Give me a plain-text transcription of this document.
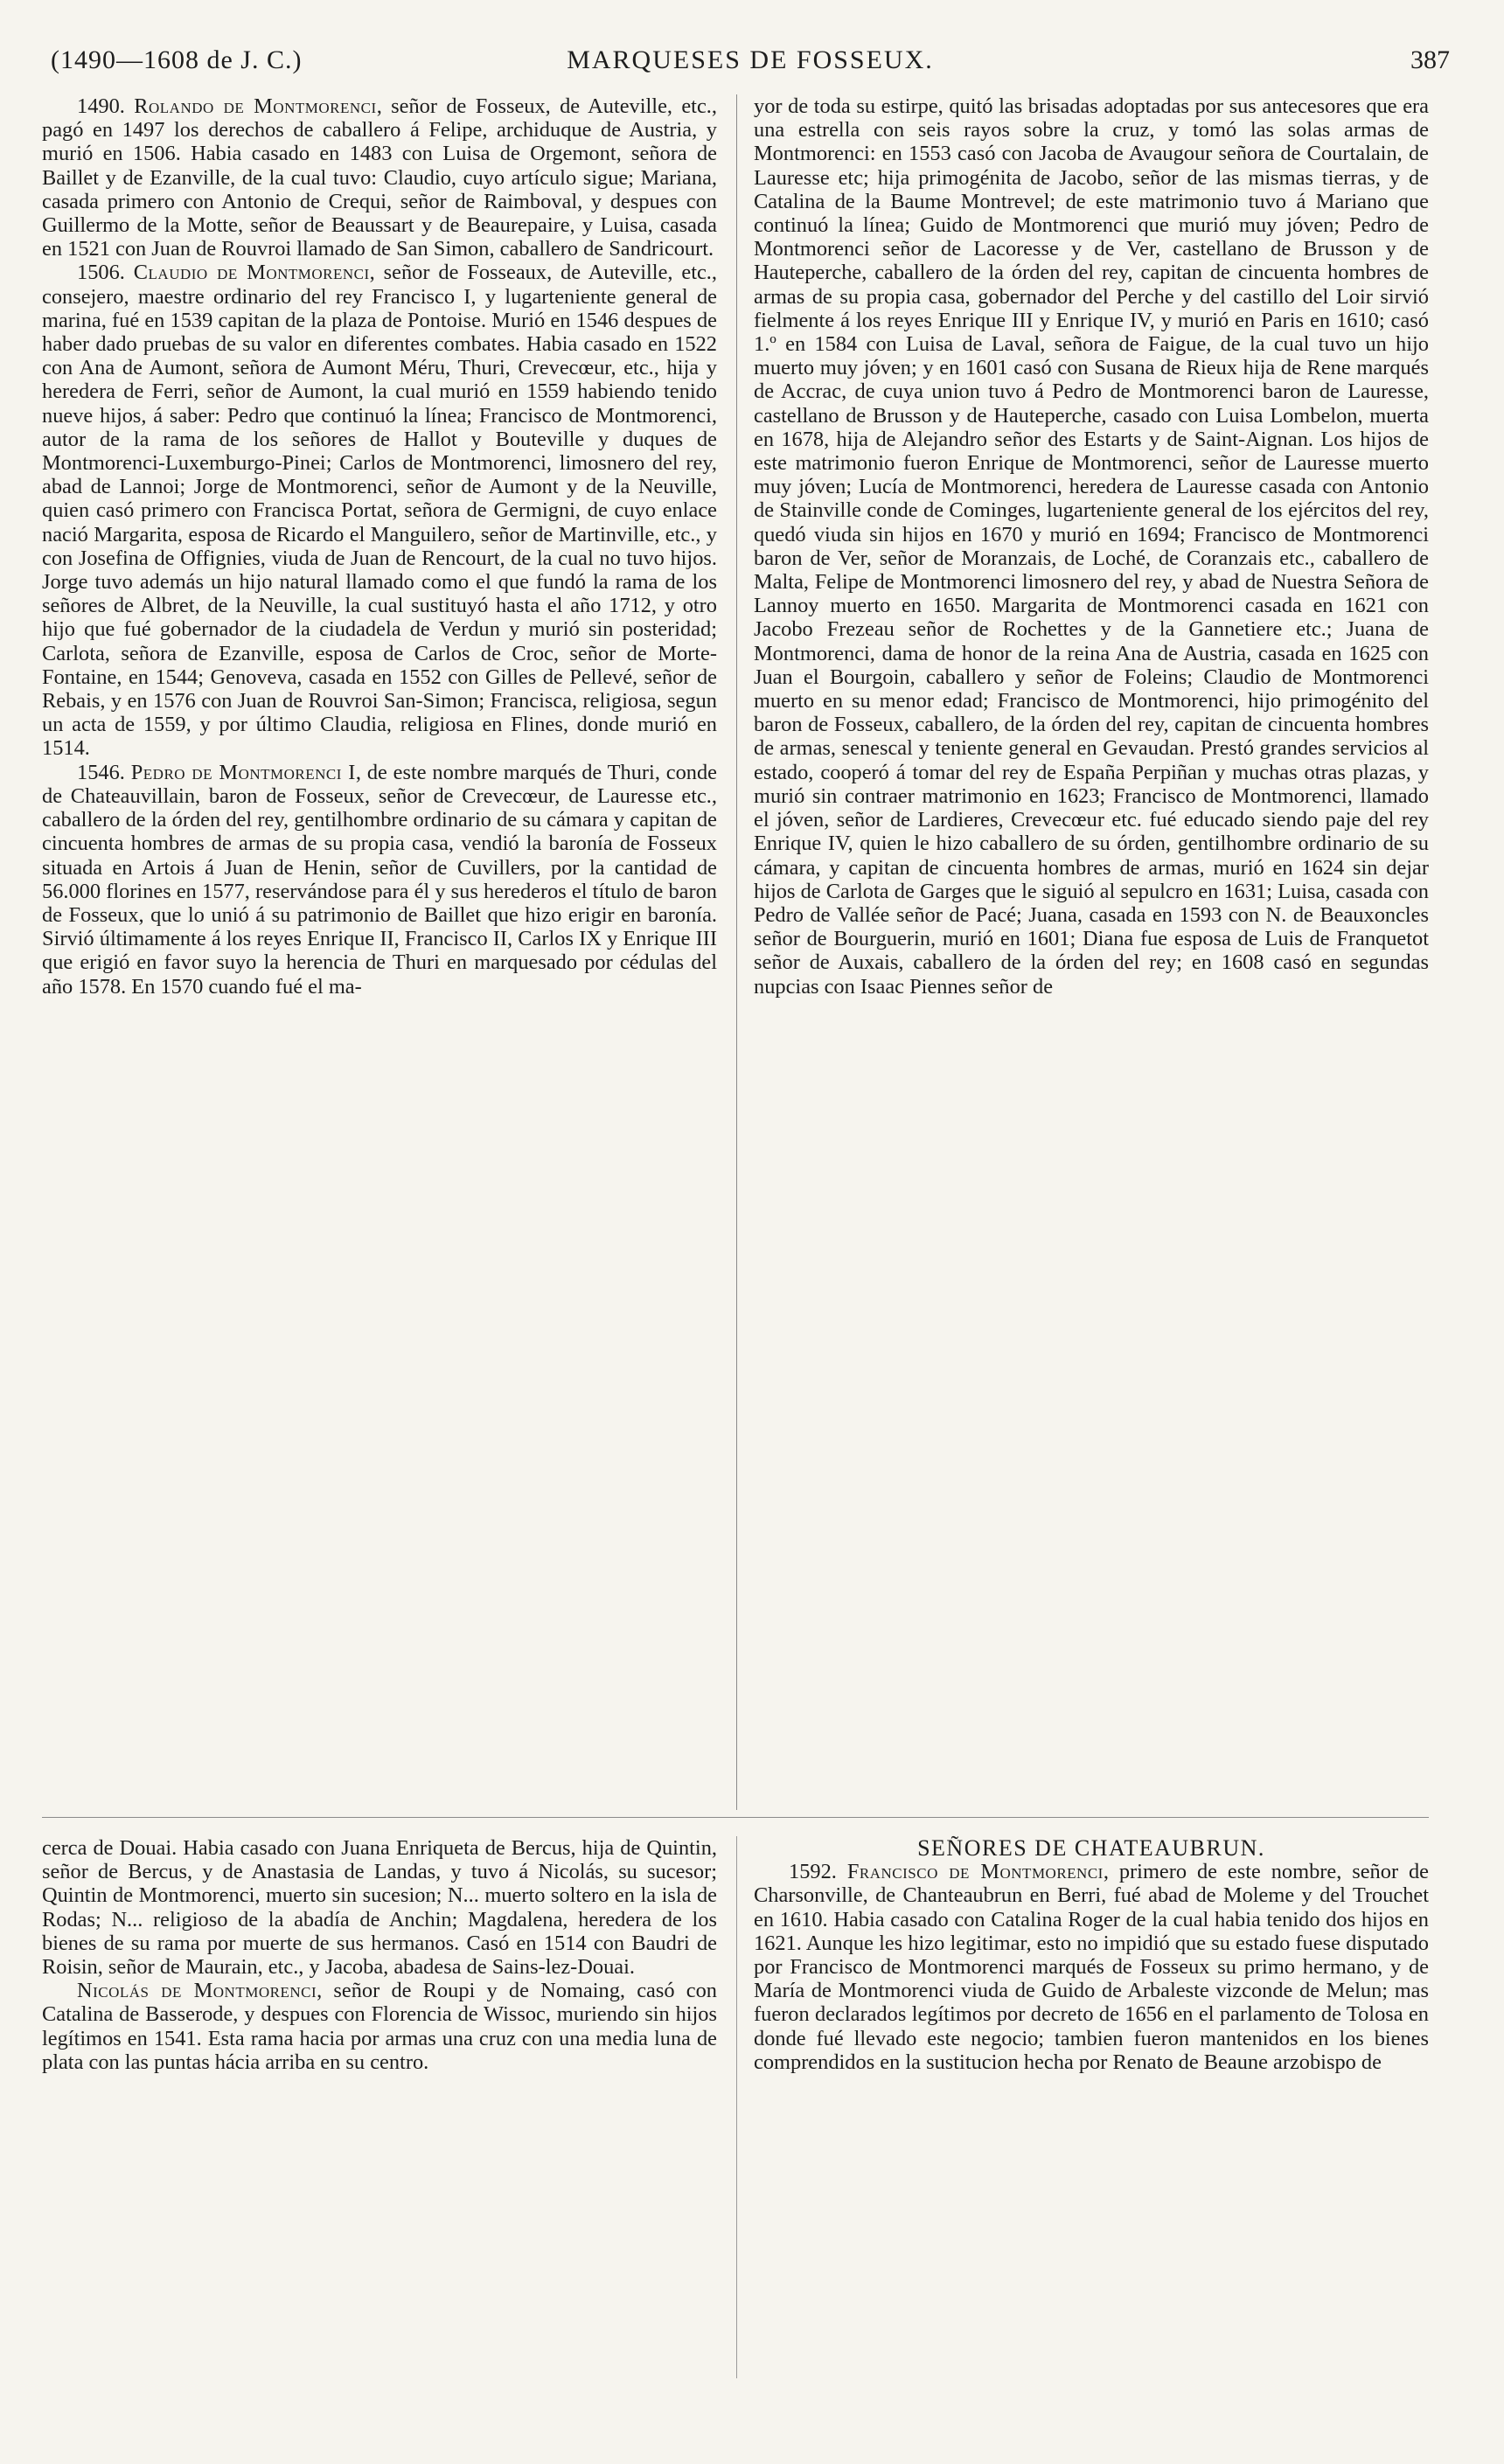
(1490—1608 de J. C.)	MARQUESES DE FOSSEUX.	387

1490. Rolando de Montmorenci, señor de Fosseux, de Auteville, etc., pagó en 1497 los derechos de caballero á Felipe, archiduque de Austria, y murió en 1506. Habia casado en 1483 con Luisa de Orgemont, señora de Baillet y de Ezanville, de la cual tuvo: Claudio, cuyo artículo sigue; Mariana, casada primero con Antonio de Crequi, señor de Raimboval, y despues con Guillermo de la Motte, señor de Beaussart y de Beaurepaire, y Luisa, casada en 1521 con Juan de Rouvroi llamado de San Simon, caballero de Sandricourt.

1506. Claudio de Montmorenci, señor de Fosseaux, de Auteville, etc., consejero, maestre ordinario del rey Francisco I, y lugarteniente general de marina, fué en 1539 capitan de la plaza de Pontoise. Murió en 1546 despues de haber dado pruebas de su valor en diferentes combates. Habia casado en 1522 con Ana de Aumont, señora de Aumont Méru, Thuri, Crevecœur, etc., hija y heredera de Ferri, señor de Aumont, la cual murió en 1559 habiendo tenido nueve hijos, á saber: Pedro que continuó la línea; Francisco de Montmorenci, autor de la rama de los señores de Hallot y Bouteville y duques de Montmorenci-Luxemburgo-Pinei; Carlos de Montmorenci, limosnero del rey, abad de Lannoi; Jorge de Montmorenci, señor de Aumont y de la Neuville, quien casó primero con Francisca Portat, señora de Germigni, de cuyo enlace nació Margarita, esposa de Ricardo el Manguilero, señor de Martinville, etc., y con Josefina de Offignies, viuda de Juan de Rencourt, de la cual no tuvo hijos. Jorge tuvo además un hijo natural llamado como el que fundó la rama de los señores de Albret, de la Neuville, la cual sustituyó hasta el año 1712, y otro hijo que fué gobernador de la ciudadela de Verdun y murió sin posteridad; Carlota, señora de Ezanville, esposa de Carlos de Croc, señor de Morte-Fontaine, en 1544; Genoveva, casada en 1552 con Gilles de Pellevé, señor de Rebais, y en 1576 con Juan de Rouvroi San-Simon; Francisca, religiosa, segun un acta de 1559, y por último Claudia, religiosa en Flines, donde murió en 1514.

1546. Pedro de Montmorenci I, de este nombre marqués de Thuri, conde de Chateauvillain, baron de Fosseux, señor de Crevecœur, de Lauresse etc., caballero de la órden del rey, gentilhombre ordinario de su cámara y capitan de cincuenta hombres de armas de su propia casa, vendió la baronía de Fosseux situada en Artois á Juan de Henin, señor de Cuvillers, por la cantidad de 56.000 florines en 1577, reservándose para él y sus herederos el título de baron de Fosseux, que lo unió á su patrimonio de Baillet que hizo erigir en baronía. Sirvió últimamente á los reyes Enrique II, Francisco II, Carlos IX y Enrique III que erigió en favor suyo la herencia de Thuri en marquesado por cédulas del año 1578. En 1570 cuando fué el ma-

yor de toda su estirpe, quitó las brisadas adoptadas por sus antecesores que era una estrella con seis rayos sobre la cruz, y tomó las solas armas de Montmorenci: en 1553 casó con Jacoba de Avaugour señora de Courtalain, de Lauresse etc; hija primogénita de Jacobo, señor de las mismas tierras, y de Catalina de la Baume Montrevel; de este matrimonio tuvo á Mariano que continuó la línea; Guido de Montmorenci que murió muy jóven; Pedro de Montmorenci señor de Lacoresse y de Ver, castellano de Brusson y de Hauteperche, caballero de la órden del rey, capitan de cincuenta hombres de armas de su propia casa, gobernador del Perche y del castillo del Loir sirvió fielmente á los reyes Enrique III y Enrique IV, y murió en Paris en 1610; casó 1.º en 1584 con Luisa de Laval, señora de Faigue, de la cual tuvo un hijo muerto muy jóven; y en 1601 casó con Susana de Rieux hija de Rene marqués de Accrac, de cuya union tuvo á Pedro de Montmorenci baron de Lauresse, castellano de Brusson y de Hauteperche, casado con Luisa Lombelon, muerta en 1678, hija de Alejandro señor des Estarts y de Saint-Aignan. Los hijos de este matrimonio fueron Enrique de Montmorenci, señor de Lauresse muerto muy jóven; Lucía de Montmorenci, heredera de Lauresse casada con Antonio de Stainville conde de Cominges, lugarteniente general de los ejércitos del rey, quedó viuda sin hijos en 1670 y murió en 1694; Francisco de Montmorenci baron de Ver, señor de Moranzais, de Loché, de Coranzais etc., caballero de Malta, Felipe de Montmorenci limosnero del rey, y abad de Nuestra Señora de Lannoy muerto en 1650. Margarita de Montmorenci casada en 1621 con Jacobo Frezeau señor de Rochettes y de la Gannetiere etc.; Juana de Montmorenci, dama de honor de la reina Ana de Austria, casada en 1625 con Juan el Bourgoin, caballero y señor de Foleins; Claudio de Montmorenci muerto en su menor edad; Francisco de Montmorenci, hijo primogénito del baron de Fosseux, caballero, de la órden del rey, capitan de cincuenta hombres de armas, senescal y teniente general en Gevaudan. Prestó grandes servicios al estado, cooperó á tomar del rey de España Perpiñan y muchas otras plazas, y murió sin contraer matrimonio en 1623; Francisco de Montmorenci, llamado el jóven, señor de Lardieres, Crevecœur etc. fué educado siendo paje del rey Enrique IV, quien le hizo caballero de su órden, gentilhombre ordinario de su cámara, y capitan de cincuenta hombres de armas, murió en 1624 sin dejar hijos de Carlota de Garges que le siguió al sepulcro en 1631; Luisa, casada con Pedro de Vallée señor de Pacé; Juana, casada en 1593 con N. de Beauxoncles señor de Bourguerin, murió en 1601; Diana fue esposa de Luis de Franquetot señor de Auxais, caballero de la órden del rey; en 1608 casó en segundas nupcias con Isaac Piennes señor de

cerca de Douai. Habia casado con Juana Enriqueta de Bercus, hija de Quintin, señor de Bercus, y de Anastasia de Landas, y tuvo á Nicolás, su sucesor; Quintin de Montmorenci, muerto sin sucesion; N... muerto soltero en la isla de Rodas; N... religioso de la abadía de Anchin; Magdalena, heredera de los bienes de su rama por muerte de sus hermanos. Casó en 1514 con Baudri de Roisin, señor de Maurain, etc., y Jacoba, abadesa de Sains-lez-Douai.

Nicolás de Montmorenci, señor de Roupi y de Nomaing, casó con Catalina de Basserode, y despues con Florencia de Wissoc, muriendo sin hijos legítimos en 1541. Esta rama hacia por armas una cruz con una media luna de plata con las puntas hácia arriba en su centro.

SEÑORES DE CHATEAUBRUN.

1592. Francisco de Montmorenci, primero de este nombre, señor de Charsonville, de Chanteaubrun en Berri, fué abad de Moleme y del Trouchet en 1610. Habia casado con Catalina Roger de la cual habia tenido dos hijos en 1621. Aunque les hizo legitimar, esto no impidió que su estado fuese disputado por Francisco de Montmorenci marqués de Fosseux su primo hermano, y de María de Montmorenci viuda de Guido de Arbaleste vizconde de Melun; mas fueron declarados legítimos por decreto de 1656 en el parlamento de Tolosa en donde fué llevado este negocio; tambien fueron mantenidos en los bienes comprendidos en la sustitucion hecha por Renato de Beaune arzobispo de
